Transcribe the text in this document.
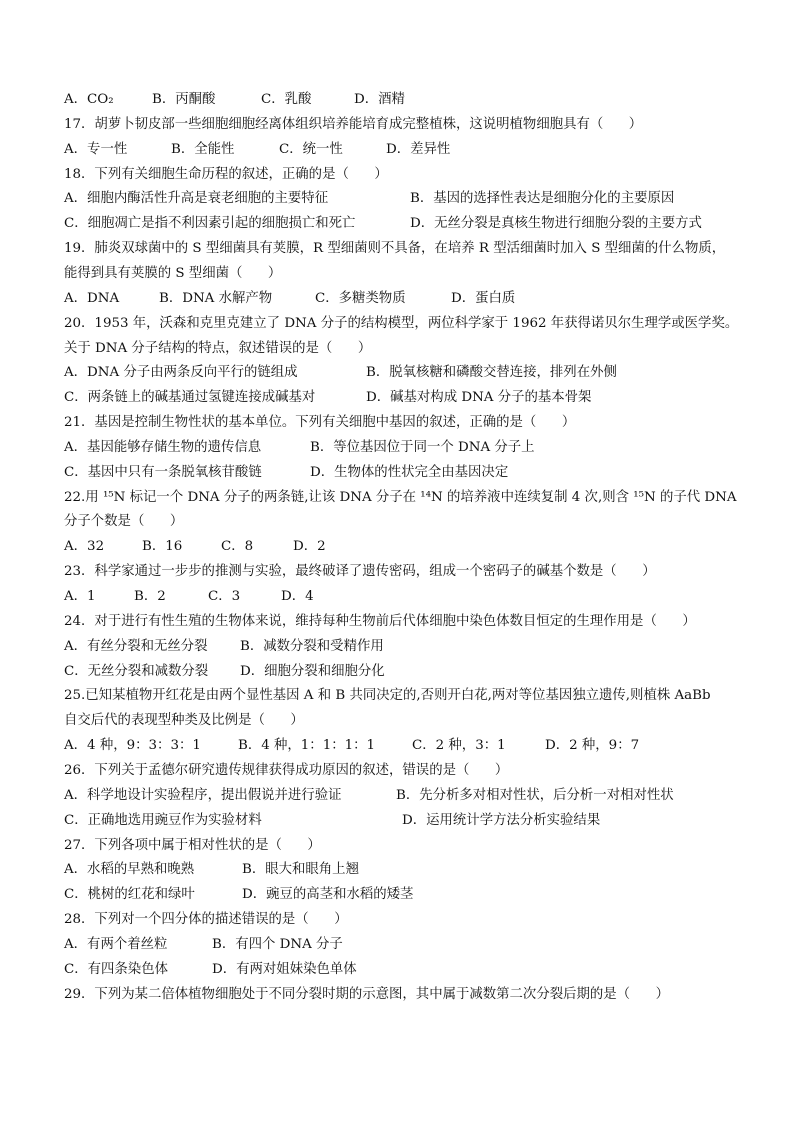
A．CO₂	B．丙酮酸	C．乳酸	D．酒精
17．胡萝卜韧皮部一些细胞细胞经离体组织培养能培育成完整植株，这说明植物细胞具有（      ）
A．专一性	B．全能性	C．统一性	D．差异性
18．下列有关细胞生命历程的叙述，正确的是（      ）
A．细胞内酶活性升高是衰老细胞的主要特征	B．基因的选择性表达是细胞分化的主要原因
C．细胞凋亡是指不利因素引起的细胞损亡和死亡	D．无丝分裂是真核生物进行细胞分裂的主要方式
19．肺炎双球菌中的 S 型细菌具有荚膜，R 型细菌则不具备，在培养 R 型活细菌时加入 S 型细菌的什么物质，
能得到具有荚膜的 S 型细菌（      ）
A．DNA	B．DNA 水解产物	C．多糖类物质	D．蛋白质
20．1953 年，沃森和克里克建立了 DNA 分子的结构模型，两位科学家于 1962 年获得诺贝尔生理学或医学奖。
关于 DNA 分子结构的特点，叙述错误的是（      ）
A．DNA 分子由两条反向平行的链组成	B．脱氧核糖和磷酸交替连接，排列在外侧
C．两条链上的碱基通过氢键连接成碱基对	D．碱基对构成 DNA 分子的基本骨架
21．基因是控制生物性状的基本单位。下列有关细胞中基因的叙述，正确的是（      ）
A．基因能够存储生物的遗传信息	B．等位基因位于同一个 DNA 分子上
C．基因中只有一条脱氧核苷酸链	D．生物体的性状完全由基因决定
22.用 ¹⁵N 标记一个 DNA 分子的两条链,让该 DNA 分子在 ¹⁴N 的培养液中连续复制 4 次,则含 ¹⁵N 的子代 DNA
分子个数是（      ）
A．32	B．16	C．8	D．2
23．科学家通过一步步的推测与实验，最终破译了遗传密码，组成一个密码子的碱基个数是（      ）
A．1	B．2	C．3	D．4
24．对于进行有性生殖的生物体来说，维持每种生物前后代体细胞中染色体数目恒定的生理作用是（      ）
A．有丝分裂和无丝分裂 B．减数分裂和受精作用
C．无丝分裂和减数分裂 D．细胞分裂和细胞分化
25.已知某植物开红花是由两个显性基因 A 和 B 共同决定的,否则开白花,两对等位基因独立遗传,则植株 AaBb
自交后代的表现型种类及比例是（      ）
A．4 种，9：3：3：1	B．4 种，1：1：1：1	C．2 种，3：1	D．2 种，9：7
26．下列关于孟德尔研究遗传规律获得成功原因的叙述，错误的是（      ）
A．科学地设计实验程序，提出假说并进行验证	B．先分析多对相对性状，后分析一对相对性状
C．正确地选用豌豆作为实验材料	D．运用统计学方法分析实验结果
27．下列各项中属于相对性状的是（      ）
A．水稻的早熟和晚熟	B．眼大和眼角上翘
C．桃树的红花和绿叶	D．豌豆的高茎和水稻的矮茎
28．下列对一个四分体的描述错误的是（      ）
A．有两个着丝粒	B．有四个 DNA 分子
C．有四条染色体	D．有两对姐妹染色单体
29．下列为某二倍体植物细胞处于不同分裂时期的示意图，其中属于减数第二次分裂后期的是（      ）
